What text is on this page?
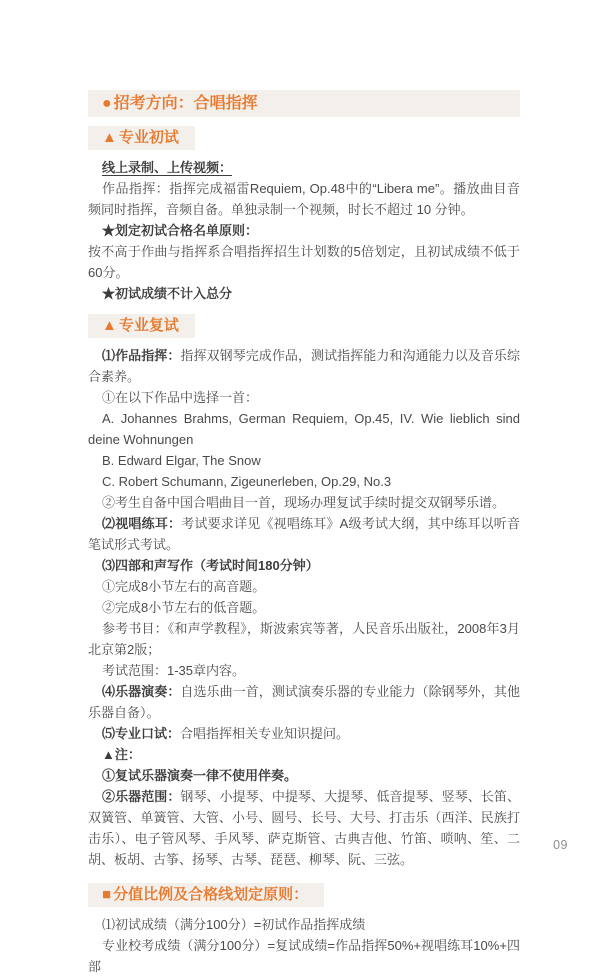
● 招考方向：合唱指挥
▲ 专业初试

线上录制、上传视频：

作品指挥：指挥完成福雷Requiem, Op.48中的“Libera me”。播放曲目音频同时指挥，音频自备。单独录制一个视频，时长不超过 10 分钟。

★划定初试合格名单原则：

按不高于作曲与指挥系合唱指挥招生计划数的5倍划定，且初试成绩不低于60分。

★初试成绩不计入总分

▲ 专业复试

⑴作品指挥：指挥双钢琴完成作品，测试指挥能力和沟通能力以及音乐综合素养。

①在以下作品中选择一首：

A. Johannes Brahms, German Requiem, Op.45, IV. Wie lieblich sind deine Wohnungen

B. Edward Elgar, The Snow

C. Robert Schumann, Zigeunerleben, Op.29, No.3

②考生自备中国合唱曲目一首，现场办理复试手续时提交双钢琴乐谱。

⑵视唱练耳：考试要求详见《视唱练耳》A级考试大纲，其中练耳以听音笔试形式考试。

⑶四部和声写作（考试时间180分钟）

①完成8小节左右的高音题。

②完成8小节左右的低音题。

参考书目：《和声学教程》，斯波索宾等著，人民音乐出版社，2008年3月北京第2版；

考试范围：1-35章内容。

⑷乐器演奏：自选乐曲一首，测试演奏乐器的专业能力（除钢琴外，其他乐器自备）。

⑸专业口试：合唱指挥相关专业知识提问。

▲注：

①复试乐器演奏一律不使用伴奏。

②乐器范围：钢琴、小提琴、中提琴、大提琴、低音提琴、竖琴、长笛、双簧管、单簧管、大管、小号、圆号、长号、大号、打击乐（西洋、民族打击乐）、电子管风琴、手风琴、萨克斯管、古典吉他、竹笛、唢呐、笙、二胡、板胡、古筝、扬琴、古琴、琵琶、柳琴、阮、三弦。

■ 分值比例及合格线划定原则：

⑴初试成绩（满分100分）=初试作品指挥成绩

专业校考成绩（满分100分）=复试成绩=作品指挥50%+视唱练耳10%+四部

09
